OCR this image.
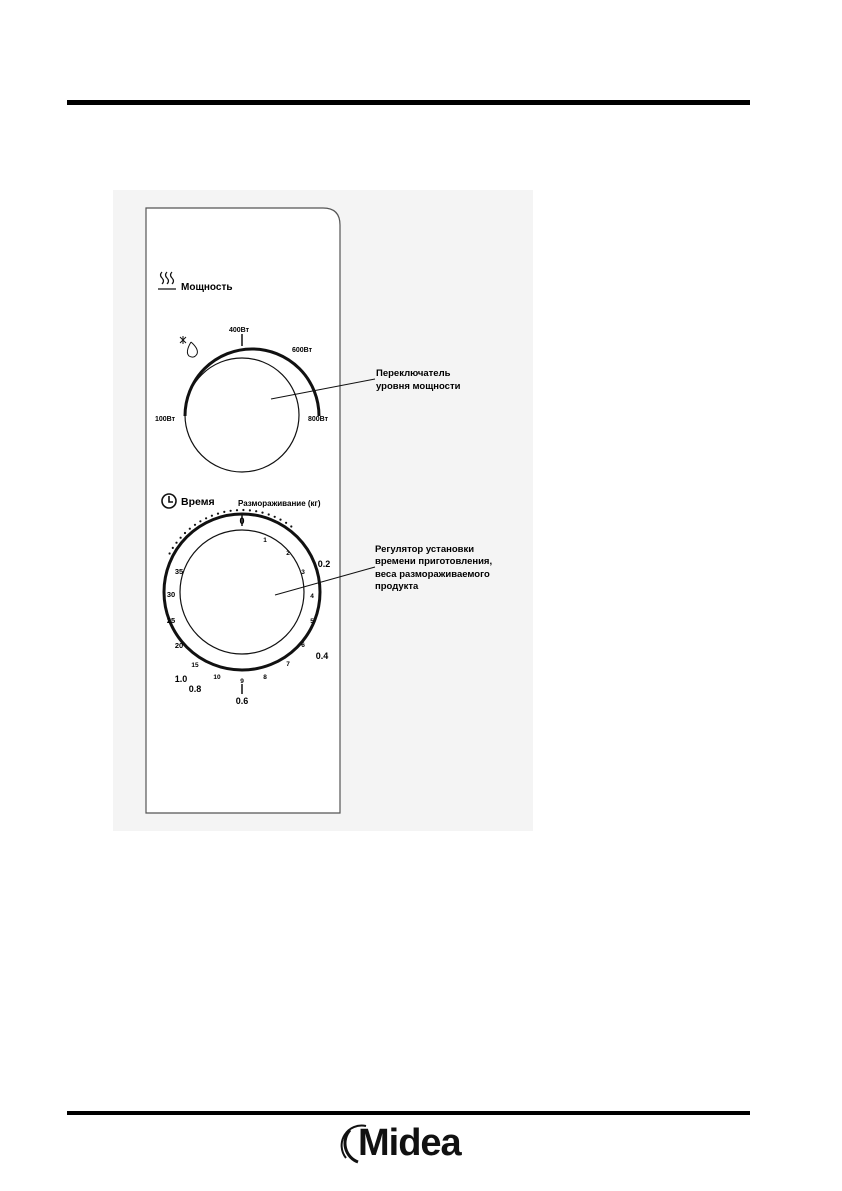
Мощность
100Вт
400Вт
600Вт
800Вт
Переключатель уровня мощности
Время	Размораживание (кг)
0
1
2
3
4
5
6
7
8
9
10
15
20
25
30
35
0.2
0.4
0.6
0.8
1.0
Регулятор установки времени приготовления, веса размораживаемого продукта
Midea
